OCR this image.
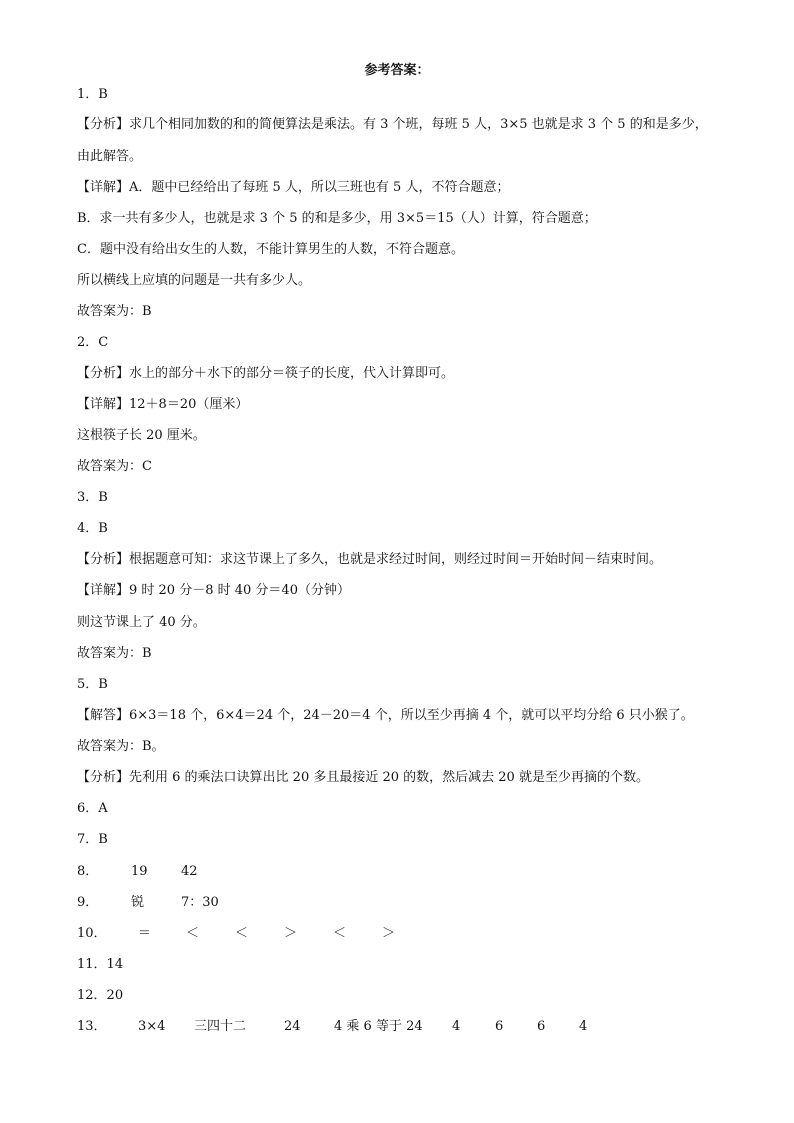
参考答案：
1．B
【分析】求几个相同加数的和的简便算法是乘法。有 3 个班，每班 5 人，3×5 也就是求 3 个 5 的和是多少，
由此解答。
【详解】A．题中已经给出了每班 5 人，所以三班也有 5 人，不符合题意；
B．求一共有多少人，也就是求 3 个 5 的和是多少，用 3×5＝15（人）计算，符合题意；
C．题中没有给出女生的人数，不能计算男生的人数，不符合题意。
所以横线上应填的问题是一共有多少人。
故答案为：B
2．C
【分析】水上的部分＋水下的部分＝筷子的长度，代入计算即可。
【详解】12＋8＝20（厘米）
这根筷子长 20 厘米。
故答案为：C
3．B
4．B
【分析】根据题意可知：求这节课上了多久，也就是求经过时间，则经过时间＝开始时间－结束时间。
【详解】9 时 20 分－8 时 40 分＝40（分钟）
则这节课上了 40 分。
故答案为：B
5．B
【解答】6×3＝18 个，6×4＝24 个，24－20＝4 个，所以至少再摘 4 个，就可以平均分给 6 只小猴了。
故答案为：B。
【分析】先利用 6 的乘法口诀算出比 20 多且最接近 20 的数，然后减去 20 就是至少再摘的个数。
6．A
7．B
8．	19	42
9．	锐	7：30
10． ＝	＜	＜	＞	＜	＞
11．14
12．20
13． 3×4 三四十二	24	4 乘 6 等于 24 4	6	6	4
